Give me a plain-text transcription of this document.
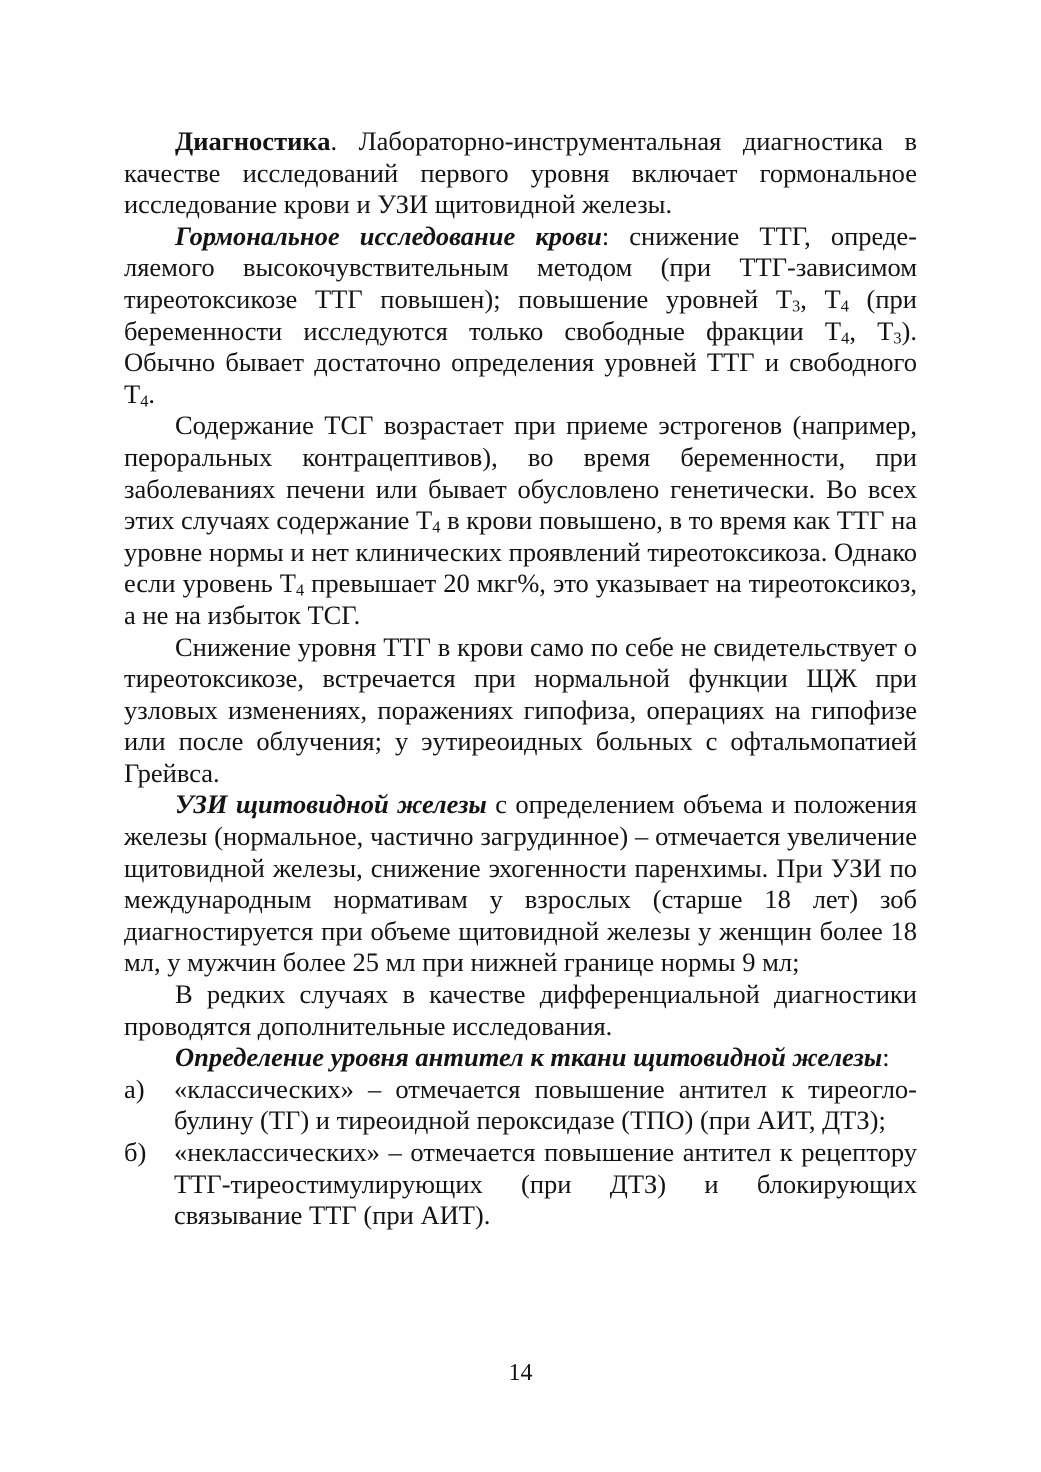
Диагностика. Лабораторно-инструментальная диагностика в качестве исследований первого уровня включает гормональное исследование крови и УЗИ щитовидной железы.

Гормональное исследование крови: снижение ТТГ, определяемого высокочувствительным методом (при ТТГ-зависимом тиреотоксикозе ТТГ повышен); повышение уровней $Т_3$, $Т_4$ (при беременности исследуются только свободные фракции $Т_4$, $Т_3$). Обычно бывает достаточно определения уровней ТТГ и свободного $Т_4$.

Содержание ТСГ возрастает при приеме эстрогенов (например, пероральных контрацептивов), во время беременности, при заболеваниях печени или бывает обусловлено генетически. Во всех этих случаях содержание $Т_4$ в крови повышено, в то время как ТТГ на уровне нормы и нет клинических проявлений тиреотоксикоза. Однако если уровень $Т_4$ превышает 20 мкг%, это указывает на тиреотоксикоз, а не на избыток ТСГ.

Снижение уровня ТТГ в крови само по себе не свидетельствует о тиреотоксикозе, встречается при нормальной функции ЩЖ при узловых изменениях, поражениях гипофиза, операциях на гипофизе или после облучения; у эутиреоидных больных с офтальмопатией Грейвса.

УЗИ щитовидной железы с определением объема и положения железы (нормальное, частично загрудинное) – отмечается увеличение щитовидной железы, снижение эхогенности паренхимы. При УЗИ по международным нормативам у взрослых (старше 18 лет) зоб диагностируется при объеме щитовидной железы у женщин более 18 мл, у мужчин более 25 мл при нижней границе нормы 9 мл;

В редких случаях в качестве дифференциальной диагностики проводятся дополнительные исследования.

Определение уровня антител к ткани щитовидной железы:

а) «классических» – отмечается повышение антител к тиреоглобулину (ТГ) и тиреоидной пероксидазе (ТПО) (при АИТ, ДТЗ);
б) «неклассических» – отмечается повышение антител к рецептору ТТГ-тиреостимулирующих (при ДТЗ) и блокирующих связывание ТТГ (при АИТ).
14
